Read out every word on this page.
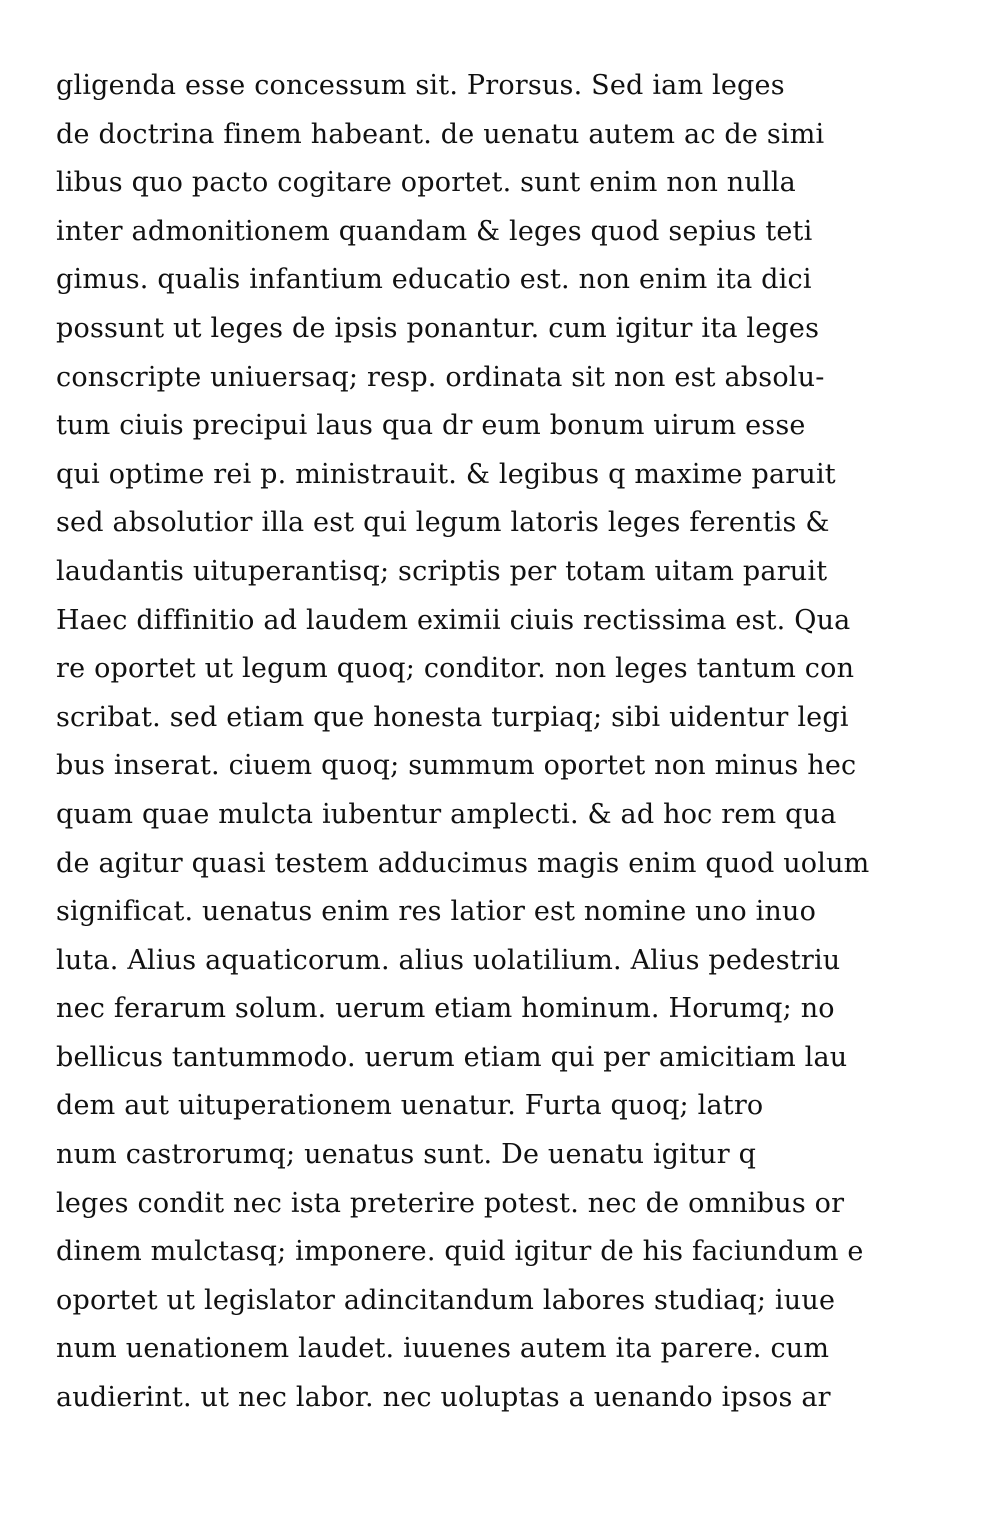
gligenda esse concessum sit. Prorsus. Sed iam leges
de doctrina finem habeant. de uenatu autem ac de simi
libus quo pacto cogitare oportet. sunt enim non nulla
inter admonitionem quandam & leges quod sepius teti
gimus. qualis infantium educatio est. non enim ita dici
possunt ut leges de ipsis ponantur. cum igitur ita leges
conscripte uniuersaq; resp. ordinata sit non est absolu-
tum ciuis precipui laus qua dr eum bonum uirum esse
qui optime rei p. ministrauit. & legibus q maxime paruit
sed absolutior illa est qui legum latoris leges ferentis &
laudantis uituperantisq; scriptis per totam uitam paruit
Haec diffinitio ad laudem eximii ciuis rectissima est. Qua
re oportet ut legum quoq; conditor. non leges tantum con
scribat. sed etiam que honesta turpiaq; sibi uidentur legi
bus inserat. ciuem quoq; summum oportet non minus hec
quam quae mulcta iubentur amplecti. & ad hoc rem qua
de agitur quasi testem adducimus magis enim quod uolum
significat. uenatus enim res latior est nomine uno inuo
luta. Alius aquaticorum. alius uolatilium. Alius pedestriu
nec ferarum solum. uerum etiam hominum. Horumq; no
bellicus tantummodo. uerum etiam qui per amicitiam lau
dem aut uituperationem uenatur. Furta quoq; latro
num castrorumq; uenatus sunt. De uenatu igitur q
leges condit nec ista preterire potest. nec de omnibus or
dinem mulctasq; imponere. quid igitur de his faciundum e
oportet ut legislator adincitandum labores studiaq; iuue
num uenationem laudet. iuuenes autem ita parere. cum
audierint. ut nec labor. nec uoluptas a uenando ipsos ar
